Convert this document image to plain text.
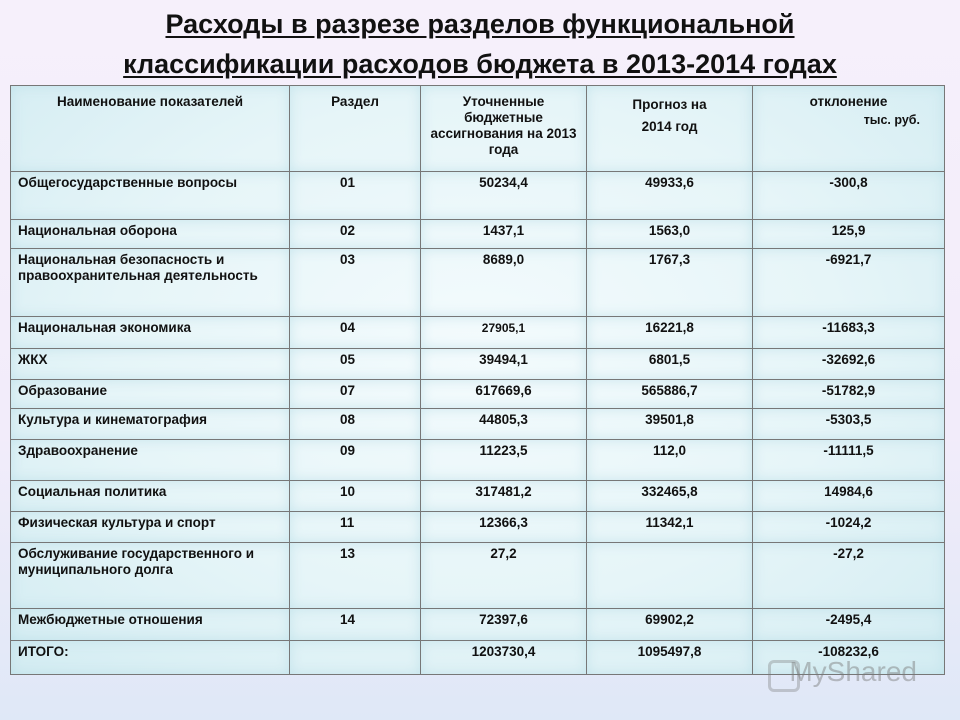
Расходы в разрезе разделов функциональной
классификации расходов бюджета в 2013-2014 годах
Наименование показателей	Раздел	Уточненные бюджетные ассигнования на 2013 года	Прогноз на 2014 год	отклонение
тыс. руб.

Общегосударственные вопросы	01	50234,4	49933,6	-300,8
Национальная оборона	02	1437,1	1563,0	125,9
Национальная безопасность и правоохранительная деятельность	03	8689,0	1767,3	-6921,7
Национальная экономика	04	27905,1	16221,8	-11683,3
ЖКХ	05	39494,1	6801,5	-32692,6
Образование	07	617669,6	565886,7	-51782,9
Культура и кинематография	08	44805,3	39501,8	-5303,5
Здравоохранение	09	11223,5	112,0	-11111,5
Социальная политика	10	317481,2	332465,8	14984,6
Физическая культура и спорт	11	12366,3	11342,1	-1024,2
Обслуживание государственного и муниципального долга	13	27,2		-27,2
Межбюджетные отношения	14	72397,6	69902,2	-2495,4
ИТОГО:		1203730,4	1095497,8	-108232,6
MyShared
